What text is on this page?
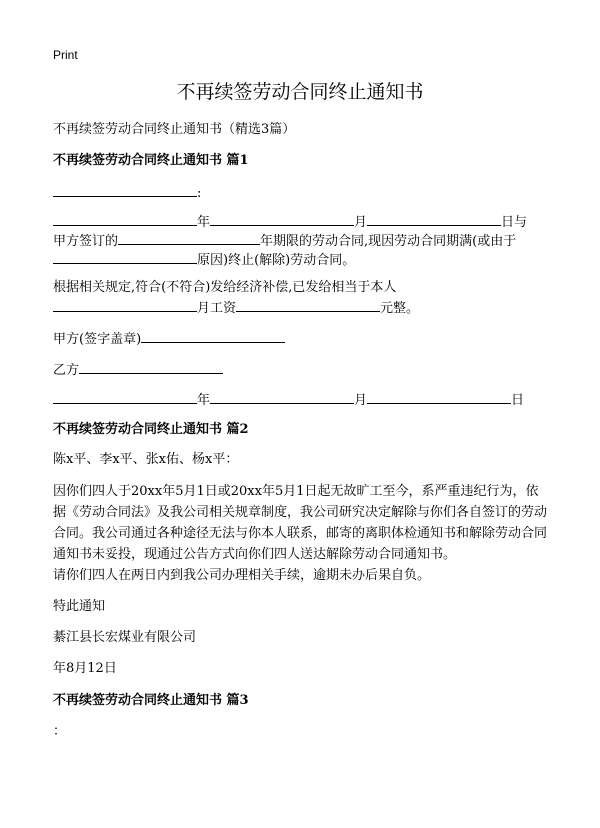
Print
不再续签劳动合同终止通知书
不再续签劳动合同终止通知书（精选3篇）
不再续签劳动合同终止通知书 篇1
:
年	月	日与
甲方签订的	年期限的劳动合同,现因劳动合同期满(或由于
原因)终止(解除)劳动合同。
根据相关规定,符合(不符合)发给经济补偿,已发给相当于本人
月工资	元整。
甲方(签字盖章)
乙方
年	月	日
不再续签劳动合同终止通知书 篇2
陈x平、李x平、张x佑、杨x平：
因你们四人于20xx年5月1日或20xx年5月1日起无故旷工至今，系严重违纪行为，依据《劳动合同法》及我公司相关规章制度，我公司研究决定解除与你们各自签订的劳动合同。我公司通过各种途径无法与你本人联系，邮寄的离职体检通知书和解除劳动合同通知书未妥投，现通过公告方式向你们四人送达解除劳动合同通知书。
请你们四人在两日内到我公司办理相关手续，逾期未办后果自负。
特此通知
綦江县长宏煤业有限公司
年8月12日
不再续签劳动合同终止通知书 篇3
：
